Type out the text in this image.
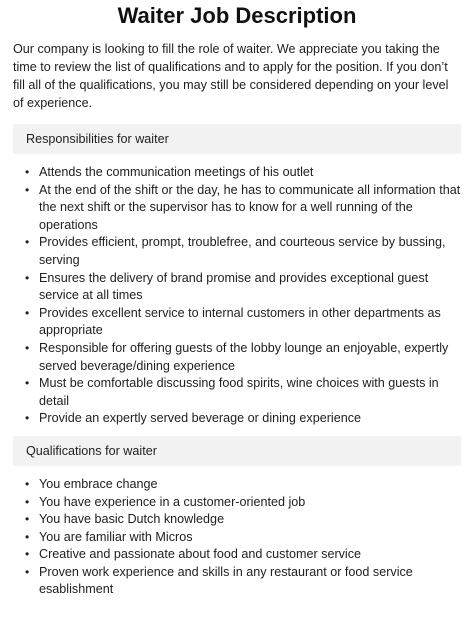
Waiter Job Description

Our company is looking to fill the role of waiter. We appreciate you taking the time to review the list of qualifications and to apply for the position. If you don’t fill all of the qualifications, you may still be considered depending on your level of experience.

Responsibilities for waiter
• Attends the communication meetings of his outlet
• At the end of the shift or the day, he has to communicate all information that the next shift or the supervisor has to know for a well running of the operations
• Provides efficient, prompt, troublefree, and courteous service by bussing, serving
• Ensures the delivery of brand promise and provides exceptional guest service at all times
• Provides excellent service to internal customers in other departments as appropriate
• Responsible for offering guests of the lobby lounge an enjoyable, expertly served beverage/dining experience
• Must be comfortable discussing food spirits, wine choices with guests in detail
• Provide an expertly served beverage or dining experience
Qualifications for waiter
• You embrace change
• You have experience in a customer-oriented job
• You have basic Dutch knowledge
• You are familiar with Micros
• Creative and passionate about food and customer service
• Proven work experience and skills in any restaurant or food service esablishment
